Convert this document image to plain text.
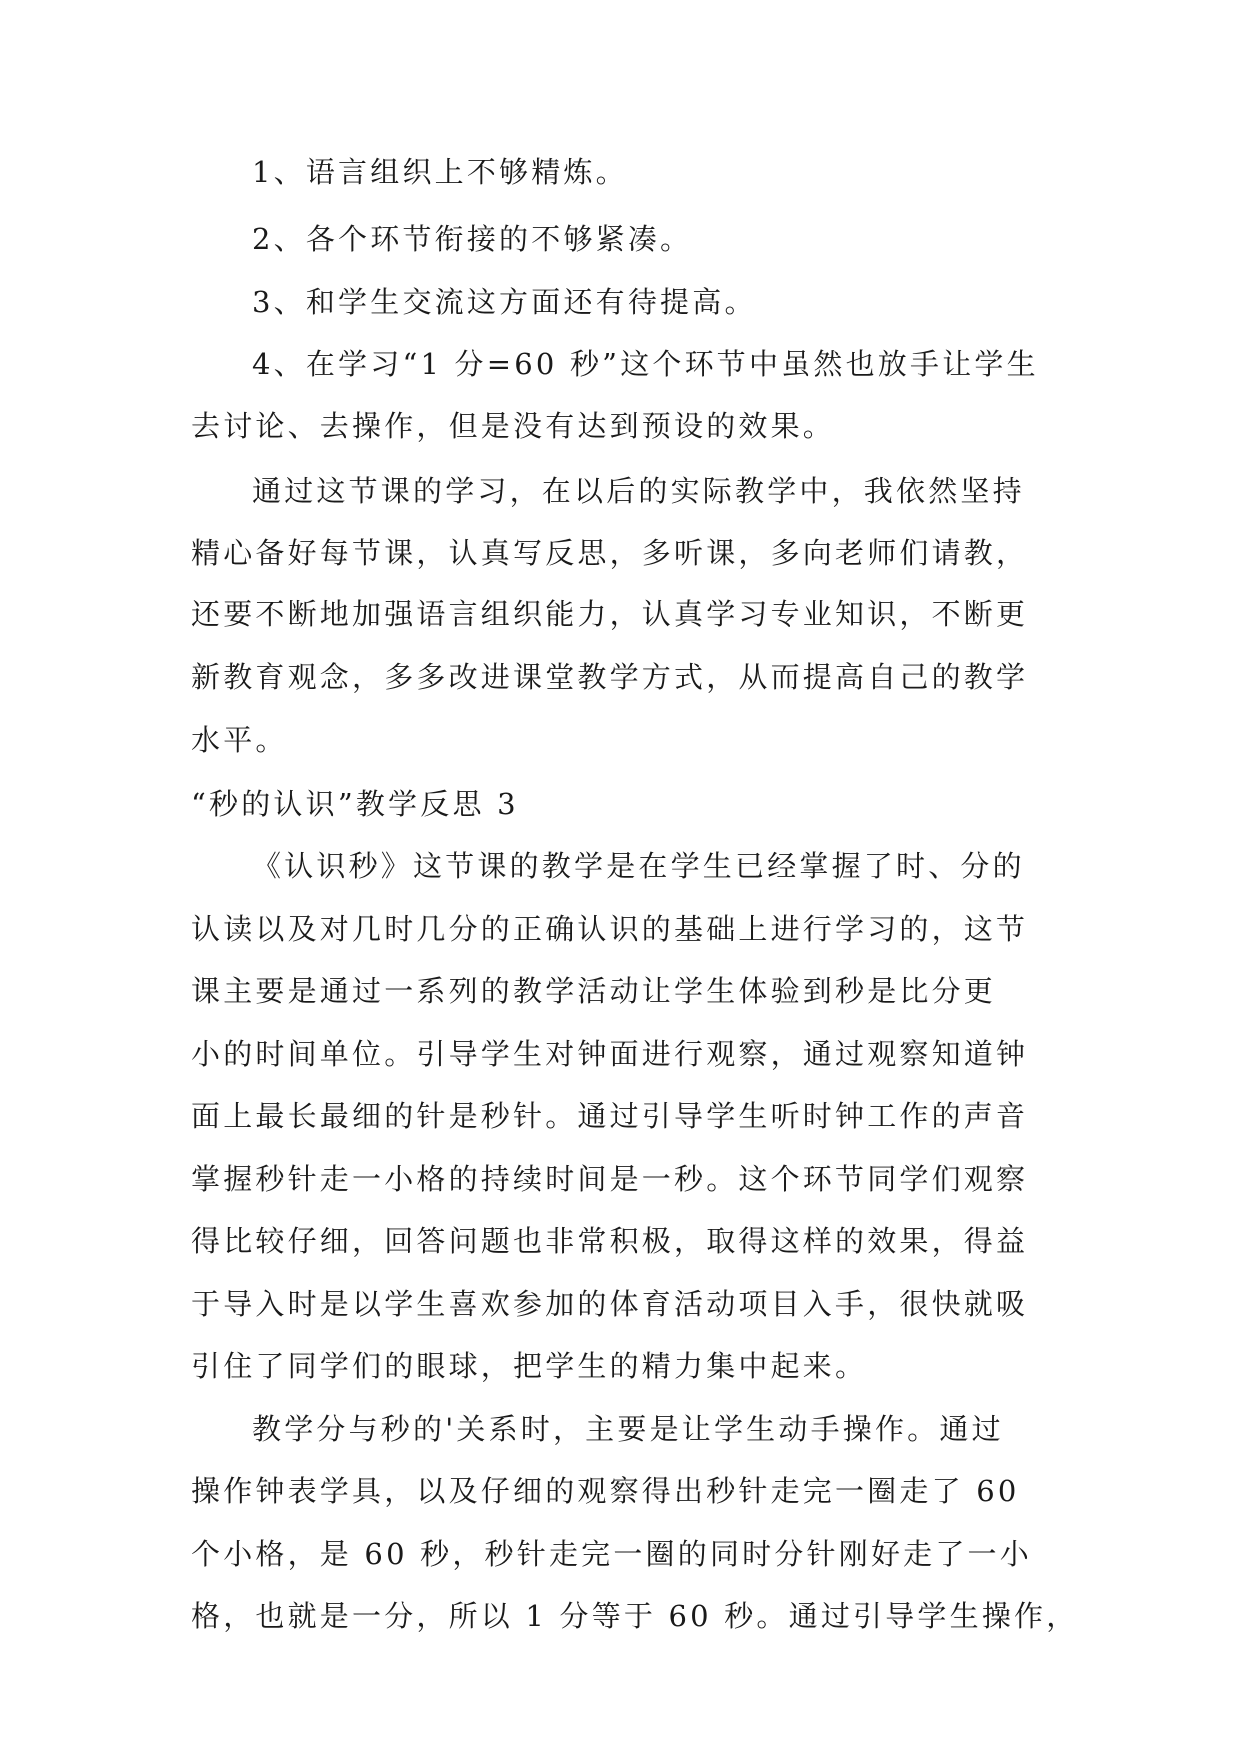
1、语言组织上不够精炼。
2、各个环节衔接的不够紧凑。
3、和学生交流这方面还有待提高。
4、在学习“1 分=60 秒”这个环节中虽然也放手让学生
去讨论、去操作，但是没有达到预设的效果。
通过这节课的学习，在以后的实际教学中，我依然坚持
精心备好每节课，认真写反思，多听课，多向老师们请教，
还要不断地加强语言组织能力，认真学习专业知识，不断更
新教育观念，多多改进课堂教学方式，从而提高自己的教学
水平。
“秒的认识”教学反思 3
《认识秒》这节课的教学是在学生已经掌握了时、分的
认读以及对几时几分的正确认识的基础上进行学习的，这节
课主要是通过一系列的教学活动让学生体验到秒是比分更
小的时间单位。引导学生对钟面进行观察，通过观察知道钟
面上最长最细的针是秒针。通过引导学生听时钟工作的声音
掌握秒针走一小格的持续时间是一秒。这个环节同学们观察
得比较仔细，回答问题也非常积极，取得这样的效果，得益
于导入时是以学生喜欢参加的体育活动项目入手，很快就吸
引住了同学们的眼球，把学生的精力集中起来。
教学分与秒的'关系时，主要是让学生动手操作。通过
操作钟表学具，以及仔细的观察得出秒针走完一圈走了 60
个小格，是 60 秒，秒针走完一圈的同时分针刚好走了一小
格，也就是一分，所以 1 分等于 60 秒。通过引导学生操作，
